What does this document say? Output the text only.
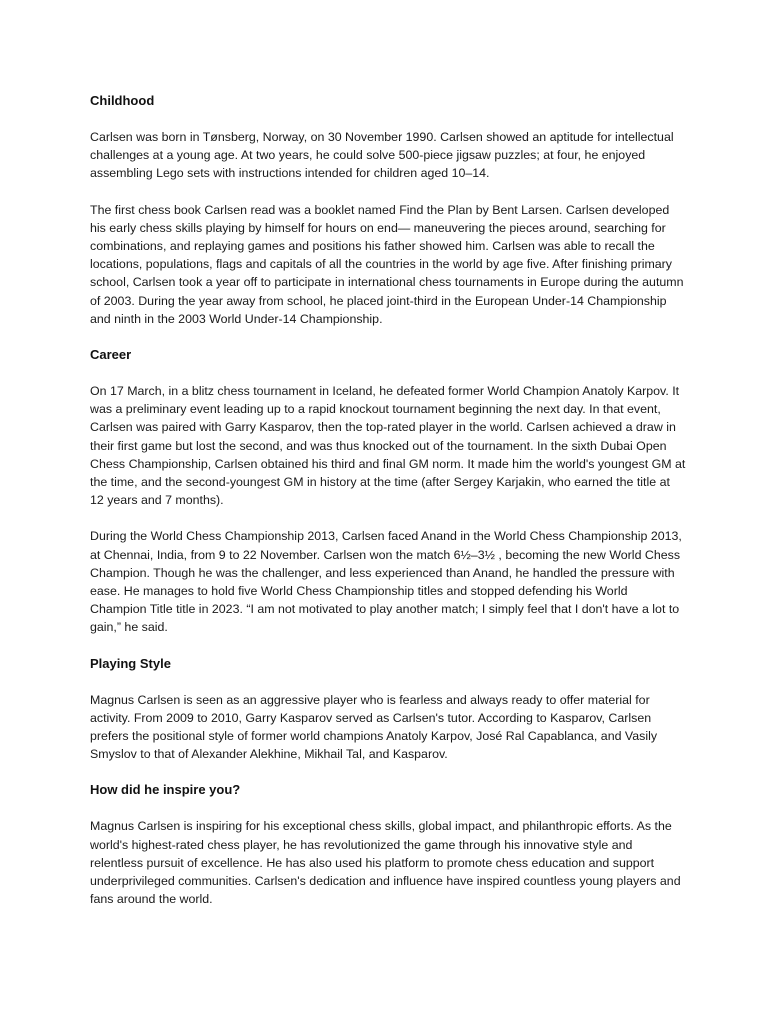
Childhood

Carlsen was born in Tønsberg, Norway, on 30 November 1990. Carlsen showed an aptitude for intellectual challenges at a young age. At two years, he could solve 500-piece jigsaw puzzles; at four, he enjoyed assembling Lego sets with instructions intended for children aged 10–14.

The first chess book Carlsen read was a booklet named Find the Plan by Bent Larsen. Carlsen developed his early chess skills playing by himself for hours on end— maneuvering the pieces around, searching for combinations, and replaying games and positions his father showed him. Carlsen was able to recall the locations, populations, flags and capitals of all the countries in the world by age five. After finishing primary school, Carlsen took a year off to participate in international chess tournaments in Europe during the autumn of 2003. During the year away from school, he placed joint-third in the European Under-14 Championship and ninth in the 2003 World Under-14 Championship.

Career

On 17 March, in a blitz chess tournament in Iceland, he defeated former World Champion Anatoly Karpov. It was a preliminary event leading up to a rapid knockout tournament beginning the next day. In that event, Carlsen was paired with Garry Kasparov, then the top-rated player in the world. Carlsen achieved a draw in their first game but lost the second, and was thus knocked out of the tournament. In the sixth Dubai Open Chess Championship, Carlsen obtained his third and final GM norm. It made him the world's youngest GM at the time, and the second-youngest GM in history at the time (after Sergey Karjakin, who earned the title at 12 years and 7 months).

During the World Chess Championship 2013, Carlsen faced Anand in the World Chess Championship 2013, at Chennai, India, from 9 to 22 November. Carlsen won the match 6½–3½ , becoming the new World Chess Champion. Though he was the challenger, and less experienced than Anand, he handled the pressure with ease. He manages to hold five World Chess Championship titles and stopped defending his World Champion Title title in 2023. “I am not motivated to play another match; I simply feel that I don't have a lot to gain,” he said.

Playing Style

Magnus Carlsen is seen as an aggressive player who is fearless and always ready to offer material for activity. From 2009 to 2010, Garry Kasparov served as Carlsen's tutor. According to Kasparov, Carlsen prefers the positional style of former world champions Anatoly Karpov, José Ral Capablanca, and Vasily Smyslov to that of Alexander Alekhine, Mikhail Tal, and Kasparov.

How did he inspire you?

Magnus Carlsen is inspiring for his exceptional chess skills, global impact, and philanthropic efforts. As the world's highest-rated chess player, he has revolutionized the game through his innovative style and relentless pursuit of excellence. He has also used his platform to promote chess education and support underprivileged communities. Carlsen's dedication and influence have inspired countless young players and fans around the world.
